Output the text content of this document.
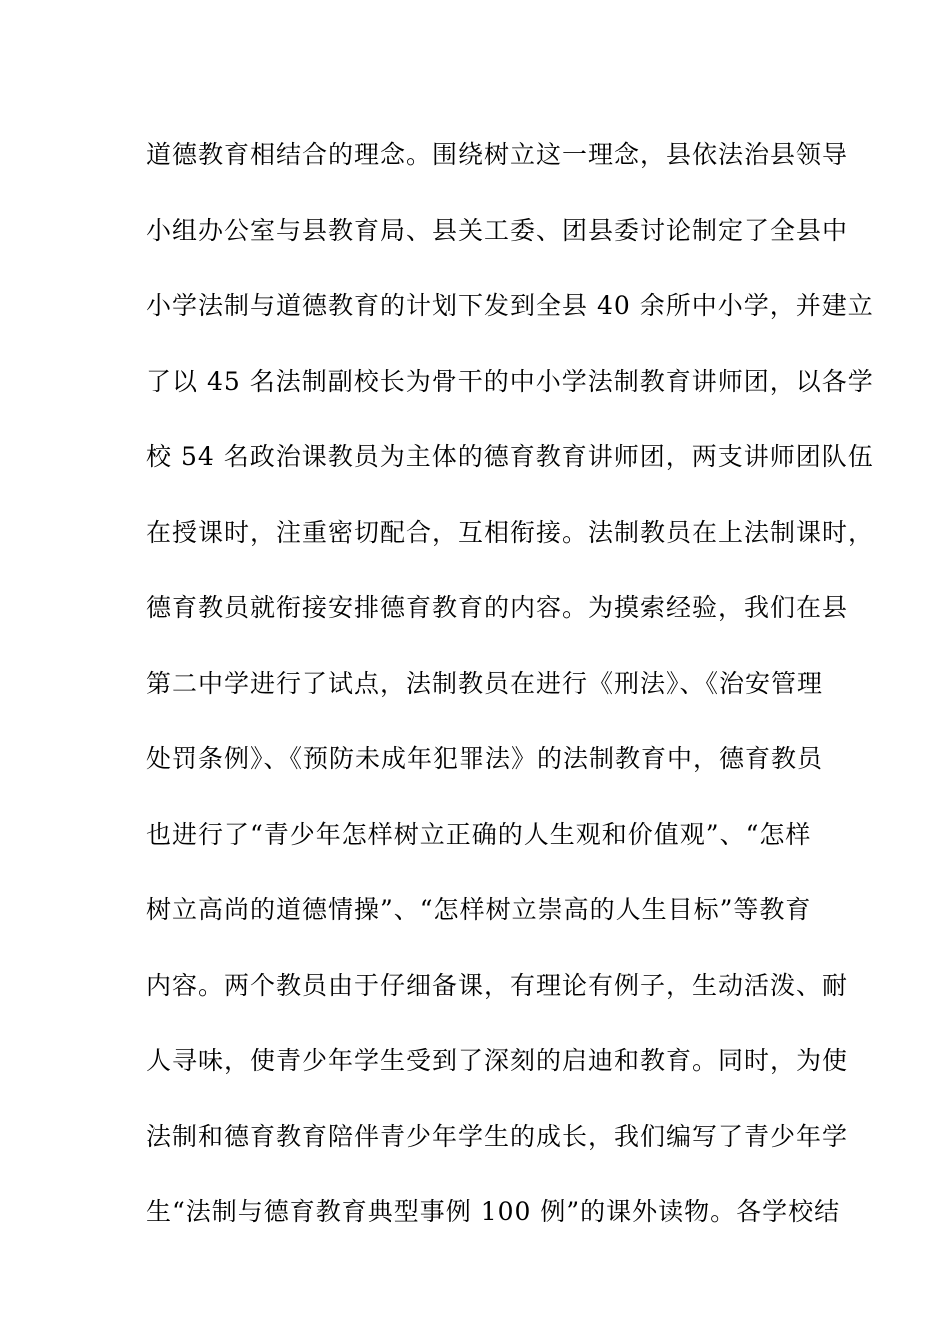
道德教育相结合的理念。围绕树立这一理念，县依法治县领导
小组办公室与县教育局、县关工委、团县委讨论制定了全县中
小学法制与道德教育的计划下发到全县 40 余所中小学，并建立
了以 45 名法制副校长为骨干的中小学法制教育讲师团，以各学
校 54 名政治课教员为主体的德育教育讲师团，两支讲师团队伍
在授课时，注重密切配合，互相衔接。法制教员在上法制课时，
德育教员就衔接安排德育教育的内容。为摸索经验，我们在县
第二中学进行了试点，法制教员在进行《刑法》、《治安管理
处罚条例》、《预防未成年犯罪法》的法制教育中，德育教员
也进行了“青少年怎样树立正确的人生观和价值观”、“怎样
树立高尚的道德情操”、“怎样树立崇高的人生目标”等教育
内容。两个教员由于仔细备课，有理论有例子，生动活泼、耐
人寻味，使青少年学生受到了深刻的启迪和教育。同时，为使
法制和德育教育陪伴青少年学生的成长，我们编写了青少年学
生“法制与德育教育典型事例 100 例”的课外读物。各学校结
